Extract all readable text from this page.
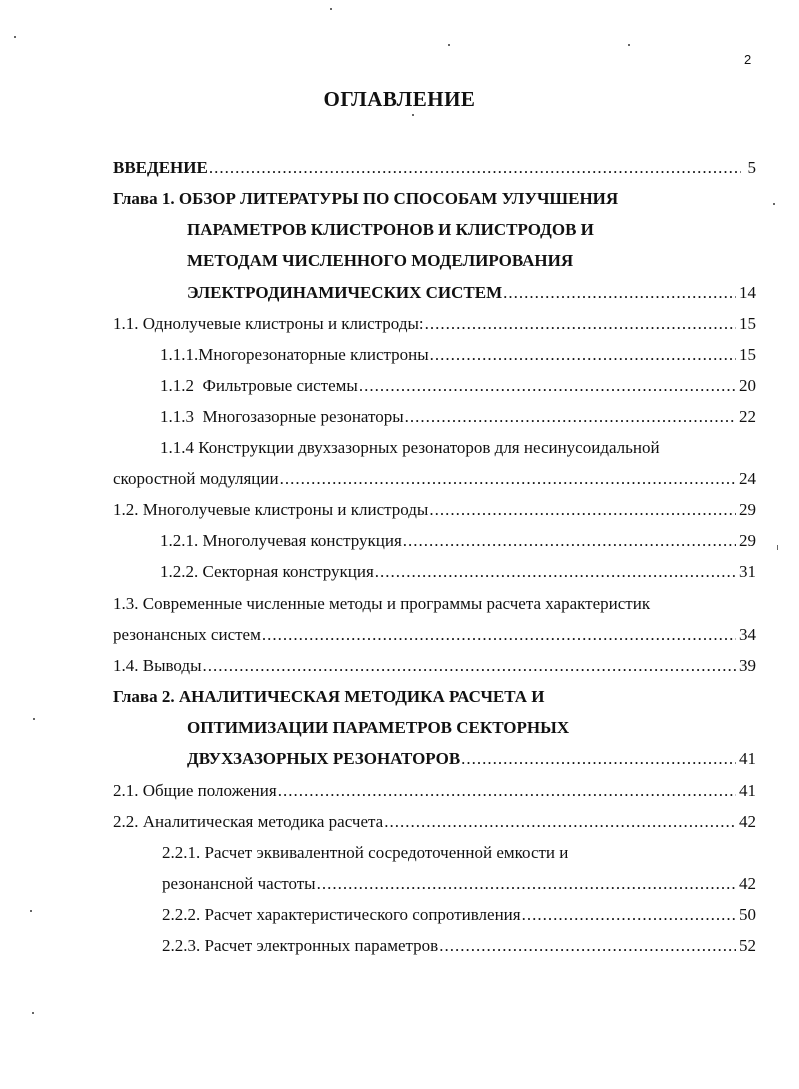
2
ОГЛАВЛЕНИЕ
ВВЕДЕНИЕ .....	5
Глава 1. ОБЗОР ЛИТЕРАТУРЫ ПО СПОСОБАМ УЛУЧШЕНИЯ
ПАРАМЕТРОВ КЛИСТРОНОВ И КЛИСТРОДОВ И
МЕТОДАМ ЧИСЛЕННОГО МОДЕЛИРОВАНИЯ
ЭЛЕКТРОДИНАМИЧЕСКИХ СИСТЕМ .....	14
1.1. Однолучевые клистроны и клистроды: .....	15
1.1.1.Многорезонаторные клистроны .....	15
1.1.2  Фильтровые системы .....	20
1.1.3  Многозазорные резонаторы .....	22
1.1.4 Конструкции двухзазорных резонаторов для несинусоидальной
скоростной модуляции .....	24
1.2. Многолучевые клистроны и клистроды .....	29
1.2.1. Многолучевая конструкция .....	29
1.2.2. Секторная конструкция .....	31
1.3. Современные численные методы и программы расчета характеристик
резонансных систем .....	34
1.4. Выводы .....	39
Глава 2. АНАЛИТИЧЕСКАЯ МЕТОДИКА РАСЧЕТА И
ОПТИМИЗАЦИИ ПАРАМЕТРОВ СЕКТОРНЫХ
ДВУХЗАЗОРНЫХ РЕЗОНАТОРОВ .....	41
2.1. Общие положения .....	41
2.2. Аналитическая методика расчета .....	42
2.2.1. Расчет эквивалентной сосредоточенной емкости и
резонансной частоты .....	42
2.2.2. Расчет характеристического сопротивления .....	50
2.2.3. Расчет электронных параметров .....	52
